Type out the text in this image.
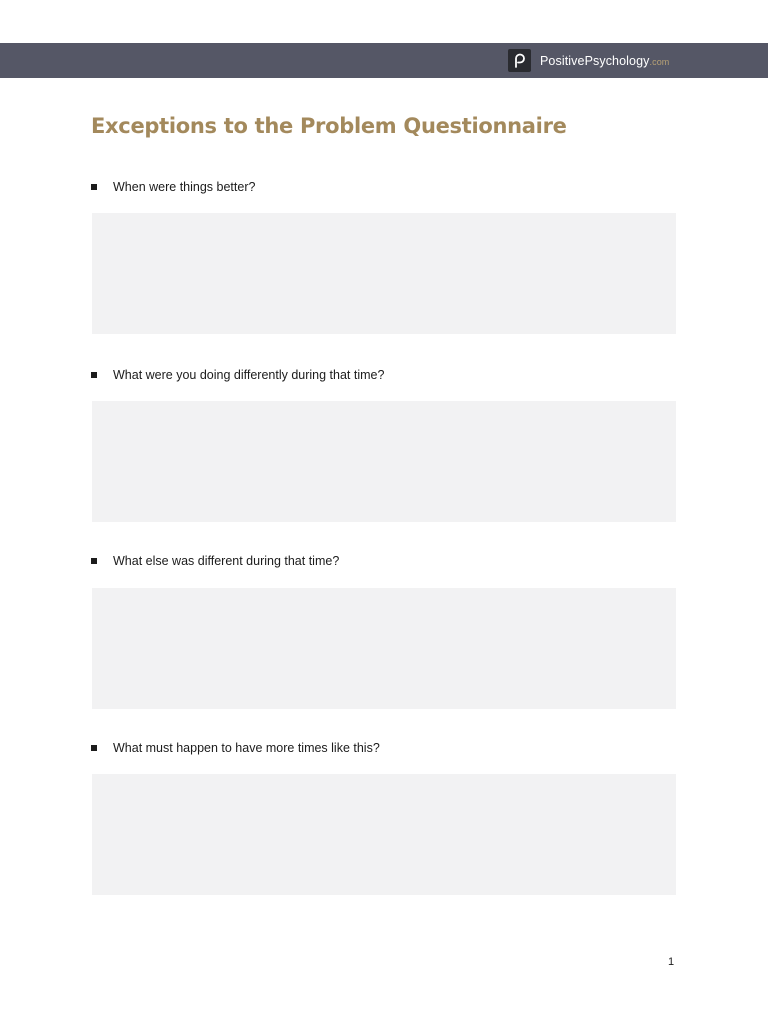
PositivePsychology.com
Exceptions to the Problem Questionnaire
When were things better?
What were you doing differently during that time?
What else was different during that time?
What must happen to have more times like this?
1
